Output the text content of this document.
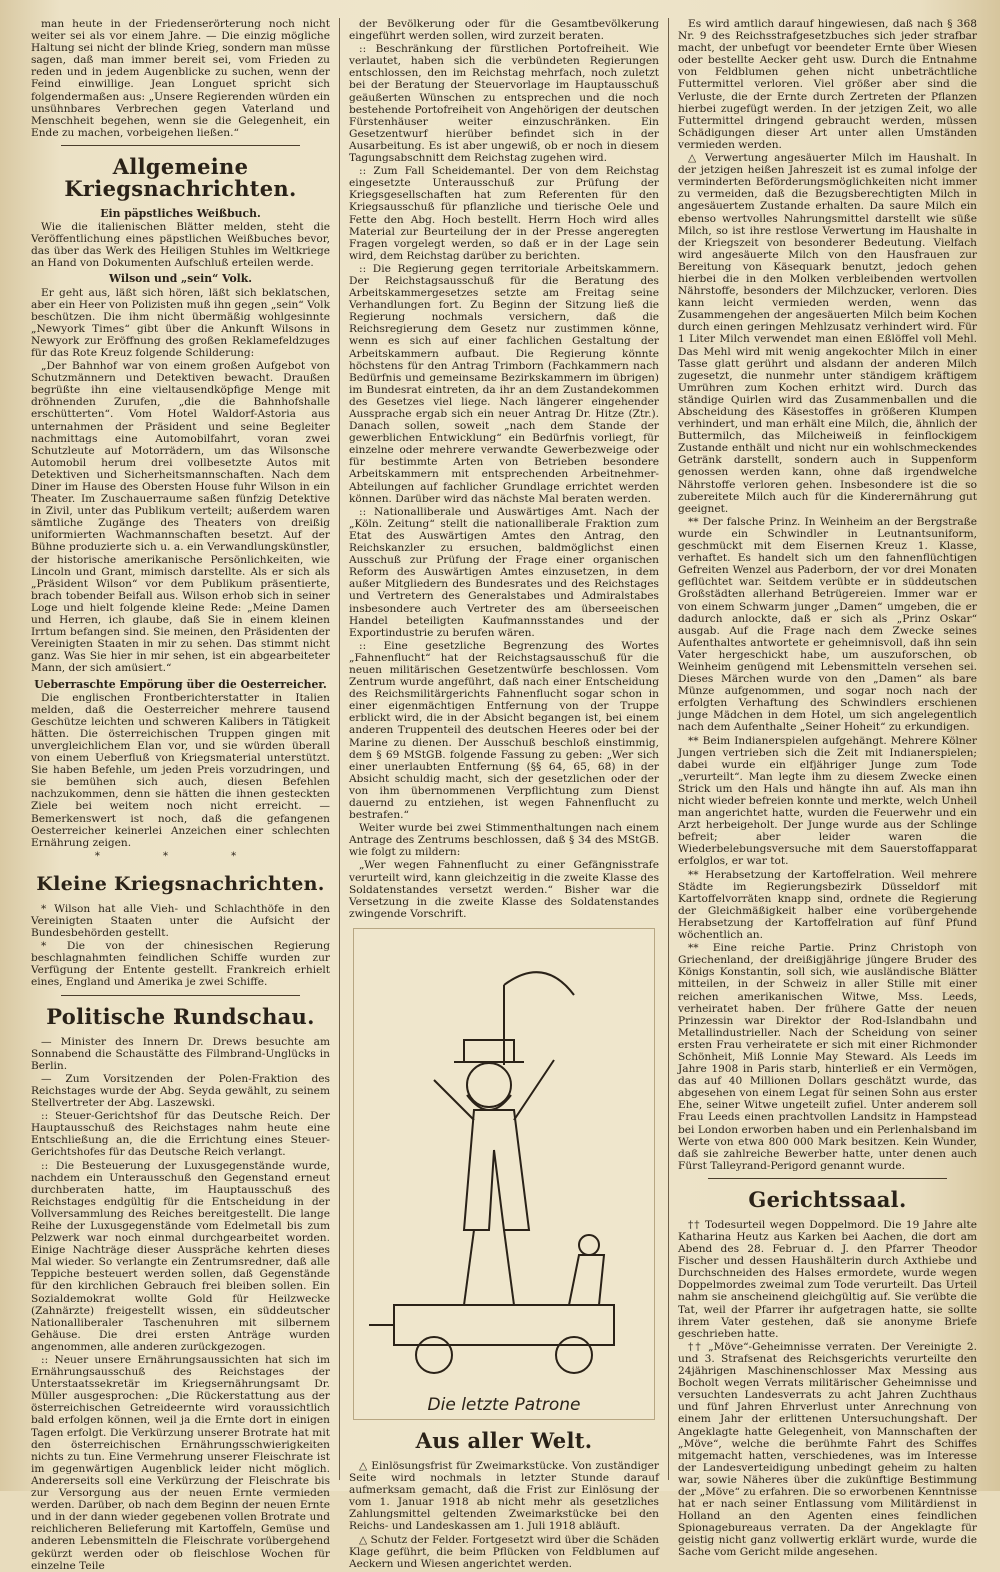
man heute in der Friedenserörterung noch nicht weiter sei als vor einem Jahre. — Die einzig mögliche Haltung sei nicht der blinde Krieg, sondern man müsse sagen, daß man immer bereit sei, vom Frieden zu reden und in jedem Augenblicke zu suchen, wenn der Feind einwillige. Jean Longuet spricht sich folgendermaßen aus: „Unsere Regierenden würden ein unsühnbares Verbrechen gegen Vaterland und Menschheit begehen, wenn sie die Gelegenheit, ein Ende zu machen, vorbeigehen ließen.“

Allgemeine Kriegsnachrichten.
Ein päpstliches Weißbuch.

Wie die italienischen Blätter melden, steht die Veröffentlichung eines päpstlichen Weißbuches bevor, das über das Werk des Heiligen Stuhles im Weltkriege an Hand von Dokumenten Aufschluß erteilen werde.

Wilson und „sein“ Volk.

Er geht aus, läßt sich hören, läßt sich beklatschen, aber ein Heer von Polizisten muß ihn gegen „sein“ Volk beschützen. Die ihm nicht übermäßig wohlgesinnte „Newyork Times“ gibt über die Ankunft Wilsons in Newyork zur Eröffnung des großen Reklamefeldzuges für das Rote Kreuz folgende Schilderung:

„Der Bahnhof war von einem großen Aufgebot von Schutzmännern und Detektiven bewacht. Draußen begrüßte ihn eine vieltausendköpfige Menge mit dröhnenden Zurufen, „die die Bahnhofshalle erschütterten“. Vom Hotel Waldorf-Astoria aus unternahmen der Präsident und seine Begleiter nachmittags eine Automobilfahrt, voran zwei Schutzleute auf Motorrädern, um das Wilsonsche Automobil herum drei vollbesetzte Autos mit Detektiven und Sicherheitsmannschaften. Nach dem Diner im Hause des Obersten House fuhr Wilson in ein Theater. Im Zuschauerraume saßen fünfzig Detektive in Zivil, unter das Publikum verteilt; außerdem waren sämtliche Zugänge des Theaters von dreißig uniformierten Wachmannschaften besetzt. Auf der Bühne produzierte sich u. a. ein Verwandlungskünstler, der historische amerikanische Persönlichkeiten, wie Lincoln und Grant, mimisch darstellte. Als er sich als „Präsident Wilson“ vor dem Publikum präsentierte, brach tobender Beifall aus. Wilson erhob sich in seiner Loge und hielt folgende kleine Rede: „Meine Damen und Herren, ich glaube, daß Sie in einem kleinen Irrtum befangen sind. Sie meinen, den Präsidenten der Vereinigten Staaten in mir zu sehen. Das stimmt nicht ganz. Was Sie hier in mir sehen, ist ein abgearbeiteter Mann, der sich amüsiert.“

Ueberraschte Empörung über die Oesterreicher.

Die englischen Frontberichterstatter in Italien melden, daß die Oesterreicher mehrere tausend Geschütze leichten und schweren Kalibers in Tätigkeit hätten. Die österreichischen Truppen gingen mit unvergleichlichem Elan vor, und sie würden überall von einem Ueberfluß von Kriegsmaterial unterstützt. Sie haben Befehle, um jeden Preis vorzudringen, und sie bemühen sich auch, diesen Befehlen nachzukommen, denn sie hätten die ihnen gesteckten Ziele bei weitem noch nicht erreicht. — Bemerkenswert ist noch, daß die gefangenen Oesterreicher keinerlei Anzeichen einer schlechten Ernährung zeigen.

* * *
Kleine Kriegsnachrichten.

* Wilson hat alle Vieh- und Schlachthöfe in den Vereinigten Staaten unter die Aufsicht der Bundesbehörden gestellt.

* Die von der chinesischen Regierung beschlagnahmten feindlichen Schiffe wurden zur Verfügung der Entente gestellt. Frankreich erhielt eines, England und Amerika je zwei Schiffe.

Politische Rundschau.

— Minister des Innern Dr. Drews besuchte am Sonnabend die Schaustätte des Filmbrand-Unglücks in Berlin.

— Zum Vorsitzenden der Polen-Fraktion des Reichstages wurde der Abg. Seyda gewählt, zu seinem Stellvertreter der Abg. Laszewski.

:: Steuer-Gerichtshof für das Deutsche Reich. Der Hauptausschuß des Reichstages nahm heute eine Entschließung an, die die Errichtung eines Steuer-Gerichtshofes für das Deutsche Reich verlangt.

:: Die Besteuerung der Luxusgegenstände wurde, nachdem ein Unterausschuß den Gegenstand erneut durchberaten hatte, im Hauptausschuß des Reichstages endgültig für die Entscheidung in der Vollversammlung des Reiches bereitgestellt. Die lange Reihe der Luxusgegenstände vom Edelmetall bis zum Pelzwerk war noch einmal durchgearbeitet worden. Einige Nachträge dieser Ausspräche kehrten dieses Mal wieder. So verlangte ein Zentrumsredner, daß alle Teppiche besteuert werden sollen, daß Gegenstände für den kirchlichen Gebrauch frei bleiben sollen. Ein Sozialdemokrat wollte Gold für Heilzwecke (Zahnärzte) freigestellt wissen, ein süddeutscher Nationalliberaler Taschenuhren mit silbernem Gehäuse. Die drei ersten Anträge wurden angenommen, alle anderen zurückgezogen.

:: Neuer unsere Ernährungsaussichten hat sich im Ernährungsausschuß des Reichstages der Unterstaatssekretär im Kriegsernährungsamt Dr. Müller ausgesprochen: „Die Rückerstattung aus der österreichischen Getreideernte wird voraussichtlich bald erfolgen können, weil ja die Ernte dort in einigen Tagen erfolgt. Die Verkürzung unserer Brotrate hat mit den österreichischen Ernährungsschwierigkeiten nichts zu tun. Eine Vermehrung unserer Fleischrate ist im gegenwärtigen Augenblick leider nicht möglich. Andererseits soll eine Verkürzung der Fleischrate bis zur Versorgung aus der neuen Ernte vermieden werden. Darüber, ob nach dem Beginn der neuen Ernte und in der dann wieder gegebenen vollen Brotrate und reichlicheren Belieferung mit Kartoffeln, Gemüse und anderen Lebensmitteln die Fleischrate vorübergehend gekürzt werden oder ob fleischlose Wochen für einzelne Teile

der Bevölkerung oder für die Gesamtbevölkerung eingeführt werden sollen, wird zurzeit beraten.

:: Beschränkung der fürstlichen Portofreiheit. Wie verlautet, haben sich die verbündeten Regierungen entschlossen, den im Reichstag mehrfach, noch zuletzt bei der Beratung der Steuervorlage im Hauptausschuß geäußerten Wünschen zu entsprechen und die noch bestehende Portofreiheit von Angehörigen der deutschen Fürstenhäuser weiter einzuschränken. Ein Gesetzentwurf hierüber befindet sich in der Ausarbeitung. Es ist aber ungewiß, ob er noch in diesem Tagungsabschnitt dem Reichstag zugehen wird.

:: Zum Fall Scheidemantel. Der von dem Reichstag eingesetzte Unterausschuß zur Prüfung der Kriegsgesellschaften hat zum Referenten für den Kriegsausschuß für pflanzliche und tierische Oele und Fette den Abg. Hoch bestellt. Herrn Hoch wird alles Material zur Beurteilung der in der Presse angeregten Fragen vorgelegt werden, so daß er in der Lage sein wird, dem Reichstag darüber zu berichten.

:: Die Regierung gegen territoriale Arbeitskammern. Der Reichstagsausschuß für die Beratung des Arbeitskammergesetzes setzte am Freitag seine Verhandlungen fort. Zu Beginn der Sitzung ließ die Regierung nochmals versichern, daß die Reichsregierung dem Gesetz nur zustimmen könne, wenn es sich auf einer fachlichen Gestaltung der Arbeitskammern aufbaut. Die Regierung könnte höchstens für den Antrag Trimborn (Fachkammern nach Bedürfnis und gemeinsame Bezirkskammern im übrigen) im Bundesrat eintreten, da ihr an dem Zustandekommen des Gesetzes viel liege. Nach längerer eingehender Aussprache ergab sich ein neuer Antrag Dr. Hitze (Ztr.). Danach sollen, soweit „nach dem Stande der gewerblichen Entwicklung“ ein Bedürfnis vorliegt, für einzelne oder mehrere verwandte Gewerbezweige oder für bestimmte Arten von Betrieben besondere Arbeitskammern mit entsprechenden Arbeitnehmer-Abteilungen auf fachlicher Grundlage errichtet werden können. Darüber wird das nächste Mal beraten werden.

:: Nationalliberale und Auswärtiges Amt. Nach der „Köln. Zeitung“ stellt die nationalliberale Fraktion zum Etat des Auswärtigen Amtes den Antrag, den Reichskanzler zu ersuchen, baldmöglichst einen Ausschuß zur Prüfung der Frage einer organischen Reform des Auswärtigen Amtes einzusetzen, in dem außer Mitgliedern des Bundesrates und des Reichstages und Vertretern des Generalstabes und Admiralstabes insbesondere auch Vertreter des am überseeischen Handel beteiligten Kaufmannsstandes und der Exportindustrie zu berufen wären.

:: Eine gesetzliche Begrenzung des Wortes „Fahnenflucht“ hat der Reichstagsausschuß für die neuen militärischen Gesetzentwürfe beschlossen. Vom Zentrum wurde angeführt, daß nach einer Entscheidung des Reichsmilitärgerichts Fahnenflucht sogar schon in einer eigenmächtigen Entfernung von der Truppe erblickt wird, die in der Absicht begangen ist, bei einem anderen Truppenteil des deutschen Heeres oder bei der Marine zu dienen. Der Ausschuß beschloß einstimmig, dem § 69 MStGB. folgende Fassung zu geben: „Wer sich einer unerlaubten Entfernung (§§ 64, 65, 68) in der Absicht schuldig macht, sich der gesetzlichen oder der von ihm übernommenen Verpflichtung zum Dienst dauernd zu entziehen, ist wegen Fahnenflucht zu bestrafen.“

Weiter wurde bei zwei Stimmenthaltungen nach einem Antrage des Zentrums beschlossen, daß § 34 des MStGB. wie folgt zu mildern:

„Wer wegen Fahnenflucht zu einer Gefängnisstrafe verurteilt wird, kann gleichzeitig in die zweite Klasse des Soldatenstandes versetzt werden.“ Bisher war die Versetzung in die zweite Klasse des Soldatenstandes zwingende Vorschrift.

Die letzte Patrone
Aus aller Welt.

△ Einlösungsfrist für Zweimarkstücke. Von zuständiger Seite wird nochmals in letzter Stunde darauf aufmerksam gemacht, daß die Frist zur Einlösung der vom 1. Januar 1918 ab nicht mehr als gesetzliches Zahlungsmittel geltenden Zweimarkstücke bei den Reichs- und Landeskassen am 1. Juli 1918 abläuft.

△ Schutz der Felder. Fortgesetzt wird über die Schäden Klage geführt, die beim Pflücken von Feldblumen auf Aeckern und Wiesen angerichtet werden.

Es wird amtlich darauf hingewiesen, daß nach § 368 Nr. 9 des Reichsstrafgesetzbuches sich jeder strafbar macht, der unbefugt vor beendeter Ernte über Wiesen oder bestellte Aecker geht usw. Durch die Entnahme von Feldblumen gehen nicht unbeträchtliche Futtermittel verloren. Viel größer aber sind die Verluste, die der Ernte durch Zertreten der Pflanzen hierbei zugefügt werden. In der jetzigen Zeit, wo alle Futtermittel dringend gebraucht werden, müssen Schädigungen dieser Art unter allen Umständen vermieden werden.

△ Verwertung angesäuerter Milch im Haushalt. In der jetzigen heißen Jahreszeit ist es zumal infolge der verminderten Beförderungsmöglichkeiten nicht immer zu vermeiden, daß die Bezugsberechtigten Milch in angesäuertem Zustande erhalten. Da saure Milch ein ebenso wertvolles Nahrungsmittel darstellt wie süße Milch, so ist ihre restlose Verwertung im Haushalte in der Kriegszeit von besonderer Bedeutung. Vielfach wird angesäuerte Milch von den Hausfrauen zur Bereitung von Käsequark benutzt, jedoch gehen hierbei die in den Molken verbleibenden wertvollen Nährstoffe, besonders der Milchzucker, verloren. Dies kann leicht vermieden werden, wenn das Zusammengehen der angesäuerten Milch beim Kochen durch einen geringen Mehlzusatz verhindert wird. Für 1 Liter Milch verwendet man einen Eßlöffel voll Mehl. Das Mehl wird mit wenig angekochter Milch in einer Tasse glatt gerührt und alsdann der anderen Milch zugesetzt, die nunmehr unter ständigem kräftigem Umrühren zum Kochen erhitzt wird. Durch das ständige Quirlen wird das Zusammenballen und die Abscheidung des Käsestoffes in größeren Klumpen verhindert, und man erhält eine Milch, die, ähnlich der Buttermilch, das Milcheiweiß in feinflockigem Zustande enthält und nicht nur ein wohlschmeckendes Getränk darstellt, sondern auch in Suppenform genossen werden kann, ohne daß irgendwelche Nährstoffe verloren gehen. Insbesondere ist die so zubereitete Milch auch für die Kinderernährung gut geeignet.

** Der falsche Prinz. In Weinheim an der Bergstraße wurde ein Schwindler in Leutnantsuniform, geschmückt mit dem Eisernen Kreuz 1. Klasse, verhaftet. Es handelt sich um den fahnenflüchtigen Gefreiten Wenzel aus Paderborn, der vor drei Monaten geflüchtet war. Seitdem verübte er in süddeutschen Großstädten allerhand Betrügereien. Immer war er von einem Schwarm junger „Damen“ umgeben, die er dadurch anlockte, daß er sich als „Prinz Oskar“ ausgab. Auf die Frage nach dem Zwecke seines Aufenthaltes antwortete er geheimnisvoll, daß ihn sein Vater hergeschickt habe, um auszuforschen, ob Weinheim genügend mit Lebensmitteln versehen sei. Dieses Märchen wurde von den „Damen“ als bare Münze aufgenommen, und sogar noch nach der erfolgten Verhaftung des Schwindlers erschienen junge Mädchen in dem Hotel, um sich angelegentlich nach dem Aufenthalte „Seiner Hoheit“ zu erkundigen.

** Beim Indianerspielen aufgehängt. Mehrere Kölner Jungen vertrieben sich die Zeit mit Indianerspielen; dabei wurde ein elfjähriger Junge zum Tode „verurteilt“. Man legte ihm zu diesem Zwecke einen Strick um den Hals und hängte ihn auf. Als man ihn nicht wieder befreien konnte und merkte, welch Unheil man angerichtet hatte, wurden die Feuerwehr und ein Arzt herbeigeholt. Der Junge wurde aus der Schlinge befreit; aber leider waren die Wiederbelebungsversuche mit dem Sauerstoffapparat erfolglos, er war tot.

** Herabsetzung der Kartoffelration. Weil mehrere Städte im Regierungsbezirk Düsseldorf mit Kartoffelvorräten knapp sind, ordnete die Regierung der Gleichmäßigkeit halber eine vorübergehende Herabsetzung der Kartoffelration auf fünf Pfund wöchentlich an.

** Eine reiche Partie. Prinz Christoph von Griechenland, der dreißigjährige jüngere Bruder des Königs Konstantin, soll sich, wie ausländische Blätter mitteilen, in der Schweiz in aller Stille mit einer reichen amerikanischen Witwe, Mss. Leeds, verheiratet haben. Der frühere Gatte der neuen Prinzessin war Direktor der Rod-Islandbahn und Metallindustrieller. Nach der Scheidung von seiner ersten Frau verheiratete er sich mit einer Richmonder Schönheit, Miß Lonnie May Steward. Als Leeds im Jahre 1908 in Paris starb, hinterließ er ein Vermögen, das auf 40 Millionen Dollars geschätzt wurde, das abgesehen von einem Legat für seinen Sohn aus erster Ehe, seiner Witwe ungeteilt zufiel. Unter anderem soll Frau Leeds einen prachtvollen Landsitz in Hampstead bei London erworben haben und ein Perlenhalsband im Werte von etwa 800 000 Mark besitzen. Kein Wunder, daß sie zahlreiche Bewerber hatte, unter denen auch Fürst Talleyrand-Perigord genannt wurde.

Gerichtssaal.

†† Todesurteil wegen Doppelmord. Die 19 Jahre alte Katharina Heutz aus Karken bei Aachen, die dort am Abend des 28. Februar d. J. den Pfarrer Theodor Fischer und dessen Haushälterin durch Axthiebe und Durchschneiden des Halses ermordete, wurde wegen Doppelmordes zweimal zum Tode verurteilt. Das Urteil nahm sie anscheinend gleichgültig auf. Sie verübte die Tat, weil der Pfarrer ihr aufgetragen hatte, sie sollte ihrem Vater gestehen, daß sie anonyme Briefe geschrieben hatte.

†† „Möve“-Geheimnisse verraten. Der Vereinigte 2. und 3. Strafsenat des Reichsgerichts verurteilte den 24jährigen Maschinenschlosser Max Messing aus Bocholt wegen Verrats militärischer Geheimnisse und versuchten Landesverrats zu acht Jahren Zuchthaus und fünf Jahren Ehrverlust unter Anrechnung von einem Jahr der erlittenen Untersuchungshaft. Der Angeklagte hatte Gelegenheit, von Mannschaften der „Möve“, welche die berühmte Fahrt des Schiffes mitgemacht hatten, verschiedenes, was im Interesse der Landesverteidigung unbedingt geheim zu halten war, sowie Näheres über die zukünftige Bestimmung der „Möve“ zu erfahren. Die so erworbenen Kenntnisse hat er nach seiner Entlassung vom Militärdienst in Holland an den Agenten eines feindlichen Spionagebureaus verraten. Da der Angeklagte für geistig nicht ganz vollwertig erklärt wurde, wurde die Sache vom Gericht milde angesehen.
